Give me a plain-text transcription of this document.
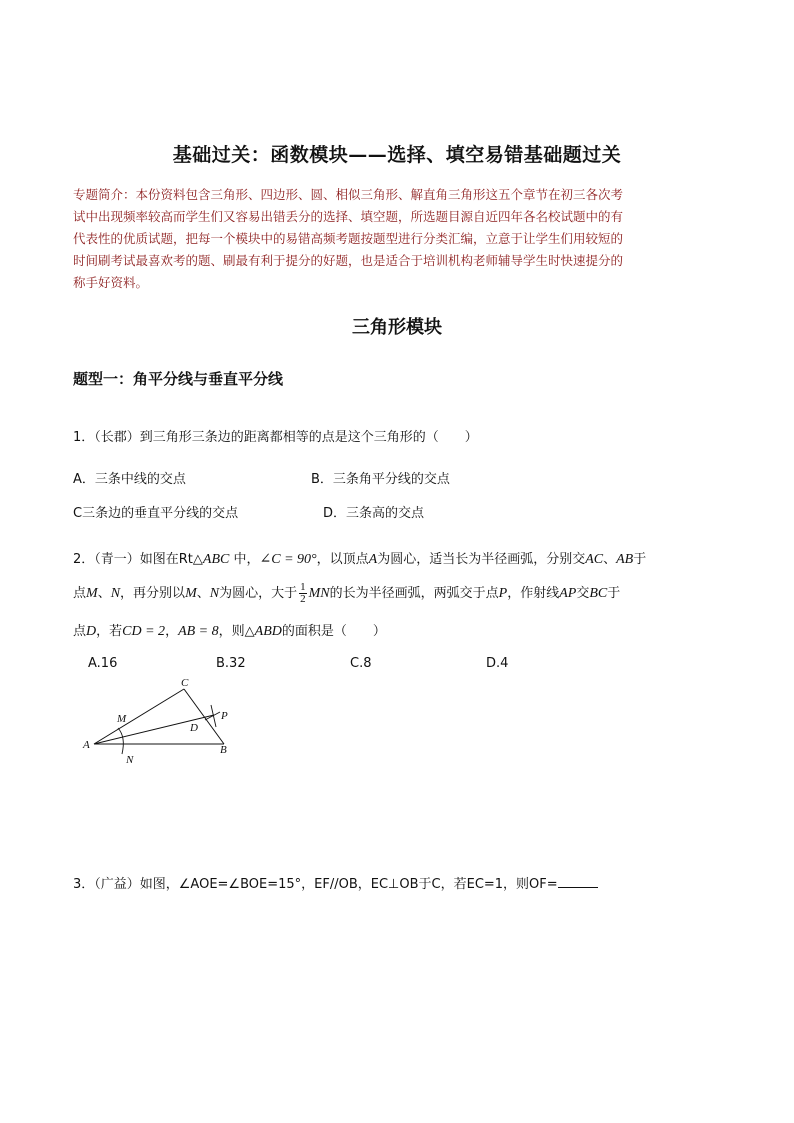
基础过关：函数模块——选择、填空易错基础题过关
专题简介：本份资料包含三角形、四边形、圆、相似三角形、解直角三角形这五个章节在初三各次考
试中出现频率较高而学生们又容易出错丢分的选择、填空题，所选题目源自近四年各名校试题中的有
代表性的优质试题，把每一个模块中的易错高频考题按题型进行分类汇编，立意于让学生们用较短的
时间刷考试最喜欢考的题、刷最有利于提分的好题，也是适合于培训机构老师辅导学生时快速提分的
称手好资料。
三角形模块
题型一：角平分线与垂直平分线
1．（长郡）到三角形三条边的距离都相等的点是这个三角形的（　　）
A．三条中线的交点	B．三条角平分线的交点
C三条边的垂直平分线的交点	D．三条高的交点
2．（青一）如图在Rt△ABC 中，∠C = 90°，以顶点A为圆心，适当长为半径画弧，分别交AC、AB于
点M、N，再分别以M、N为圆心，大于 $\frac{1}{2}$ MN的长为半径画弧，两弧交于点P，作射线AP交BC于
点D，若CD = 2，AB = 8，则△ABD的面积是（　　）
A.16	B.32	C.8	D.4
C
A	B
D
M
N
P
3．（广益）如图，∠AOE=∠BOE=15°，EF//OB，EC⊥OB于C，若EC=1，则OF=
